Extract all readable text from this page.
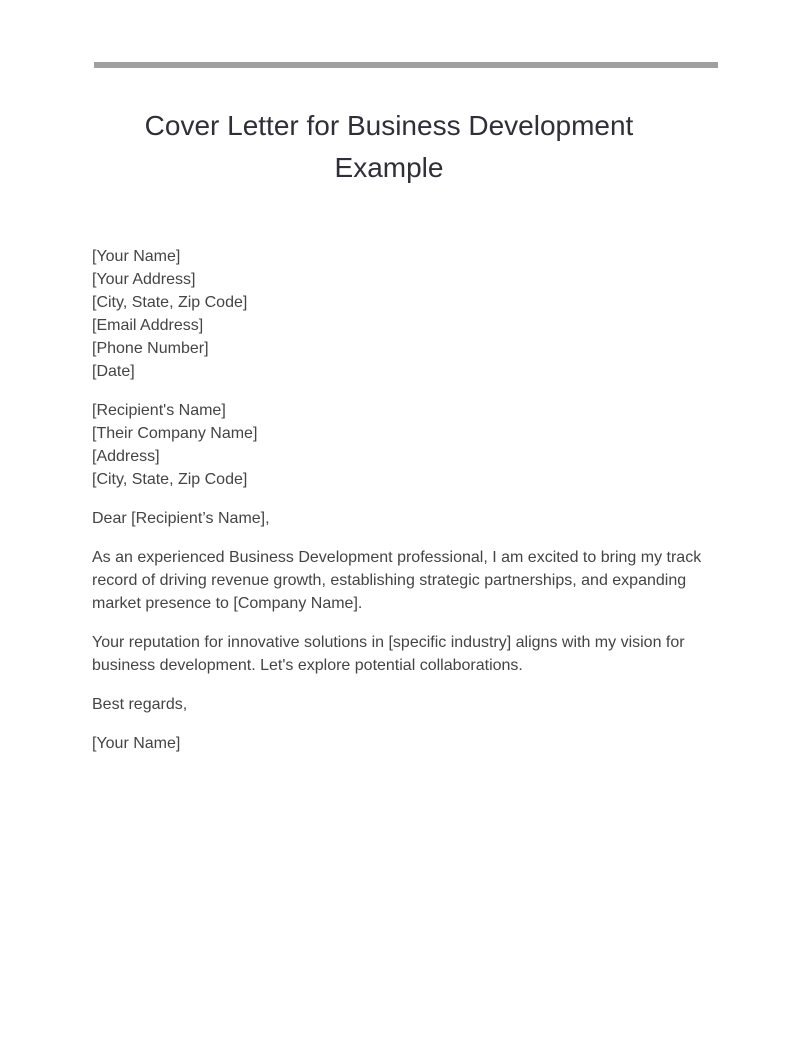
Cover Letter for Business Development
Example
[Your Name]
[Your Address]
[City, State, Zip Code]
[Email Address]
[Phone Number]
[Date]
[Recipient's Name]
[Their Company Name]
[Address]
[City, State, Zip Code]

Dear [Recipient’s Name],

As an experienced Business Development professional, I am excited to bring my track record of driving revenue growth, establishing strategic partnerships, and expanding market presence to [Company Name].

Your reputation for innovative solutions in [specific industry] aligns with my vision for business development. Let's explore potential collaborations.

Best regards,

[Your Name]
